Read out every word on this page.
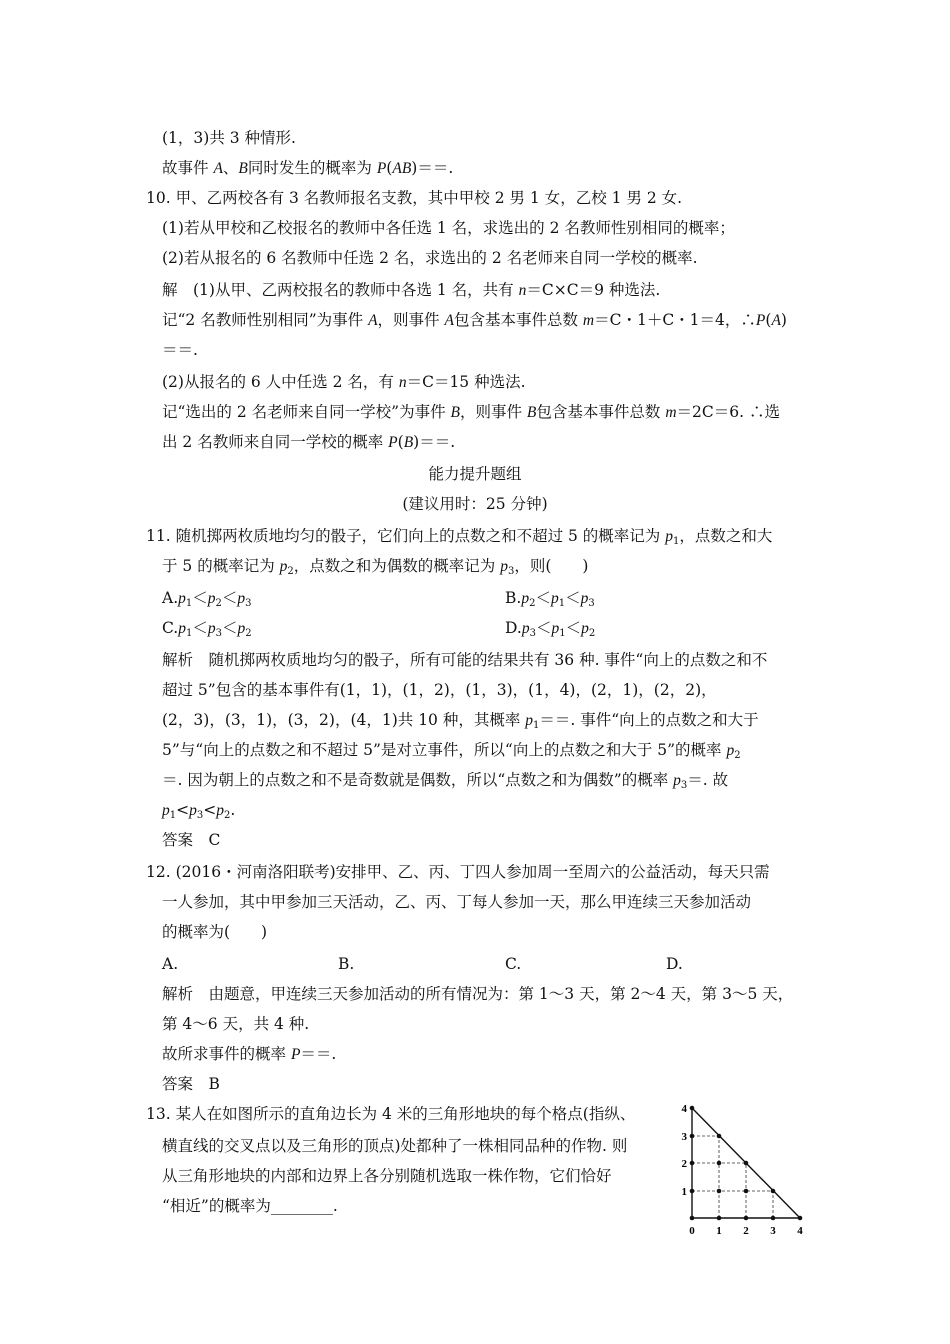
(1，3)共 3 种情形.
故事件 A、B同时发生的概率为 P(AB)＝＝.
10. 甲、乙两校各有 3 名教师报名支教，其中甲校 2 男 1 女，乙校 1 男 2 女.
(1)若从甲校和乙校报名的教师中各任选 1 名，求选出的 2 名教师性别相同的概率；
(2)若从报名的 6 名教师中任选 2 名，求选出的 2 名老师来自同一学校的概率.
解　(1)从甲、乙两校报名的教师中各选 1 名，共有 n＝C×C＝9 种选法.
记“2 名教师性别相同”为事件 A，则事件 A包含基本事件总数 m＝C・1＋C・1＝4，∴P(A)
＝＝.
(2)从报名的 6 人中任选 2 名，有 n＝C＝15 种选法.
记“选出的 2 名老师来自同一学校”为事件 B，则事件 B包含基本事件总数 m＝2C＝6. ∴选
出 2 名教师来自同一学校的概率 P(B)＝＝.
能力提升题组
(建议用时：25 分钟)
11. 随机掷两枚质地均匀的骰子，它们向上的点数之和不超过 5 的概率记为 p1，点数之和大
于 5 的概率记为 p2，点数之和为偶数的概率记为 p3，则(　　)
A.p1＜p2＜p3	B.p2＜p1＜p3
C.p1＜p3＜p2	D.p3＜p1＜p2
解析　随机掷两枚质地均匀的骰子，所有可能的结果共有 36 种. 事件“向上的点数之和不
超过 5”包含的基本事件有(1，1)，(1，2)，(1，3)，(1，4)，(2，1)，(2，2)，
(2，3)，(3，1)，(3，2)，(4，1)共 10 种，其概率 p1＝＝. 事件“向上的点数之和大于
5”与“向上的点数之和不超过 5”是对立事件，所以“向上的点数之和大于 5”的概率 p2
＝. 因为朝上的点数之和不是奇数就是偶数，所以“点数之和为偶数”的概率 p3＝. 故
p1<p3<p2.
答案　C
12. (2016・河南洛阳联考)安排甲、乙、丙、丁四人参加周一至周六的公益活动，每天只需
一人参加，其中甲参加三天活动，乙、丙、丁每人参加一天，那么甲连续三天参加活动
的概率为(　　)
A.	B.	C.	D.
解析　由题意，甲连续三天参加活动的所有情况为：第 1～3 天，第 2～4 天，第 3～5 天，
第 4～6 天，共 4 种.
故所求事件的概率 P＝＝.
答案　B
13. 某人在如图所示的直角边长为 4 米的三角形地块的每个格点(指纵、
横直线的交叉点以及三角形的顶点)处都种了一株相同品种的作物. 则
从三角形地块的内部和边界上各分别随机选取一株作物，它们恰好
“相近”的概率为________.
0 1 2 3 4
1
2
3
4
